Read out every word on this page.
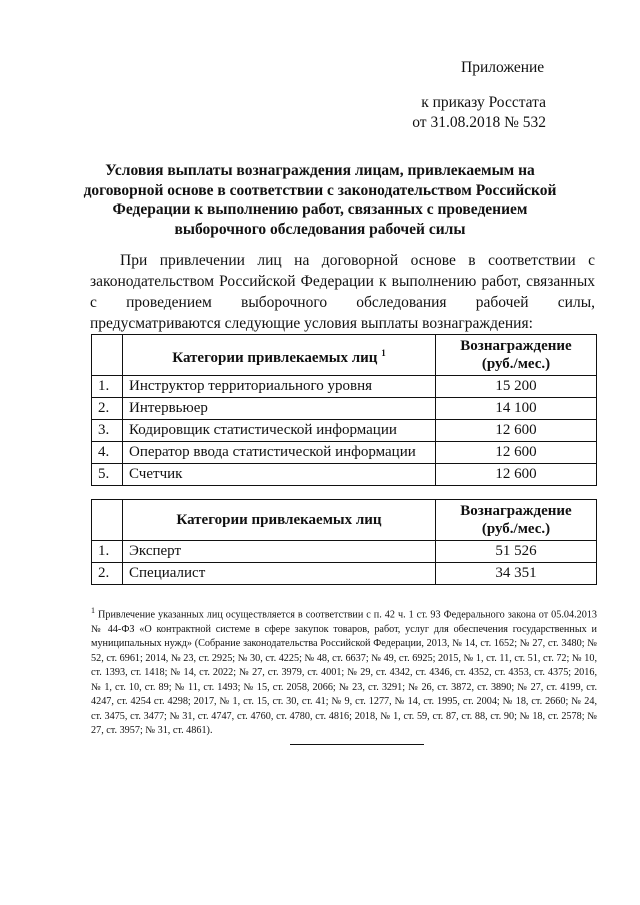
Приложение
к приказу Росстата
от 31.08.2018 № 532
Условия выплаты вознаграждения лицам, привлекаемым на договорной основе в соответствии с законодательством Российской Федерации к выполнению работ, связанных с проведением выборочного обследования рабочей силы
При привлечении лиц на договорной основе в соответствии с законодательством Российской Федерации к выполнению работ, связанных с проведением выборочного обследования рабочей силы, предусматриваются следующие условия выплаты вознаграждения:
	Категории привлекаемых лиц $^1$	Вознаграждение
(руб./мес.)

1.	Инструктор территориального уровня	15 200
2.	Интервьюер	14 100
3.	Кодировщик статистической информации	12 600
4.	Оператор ввода статистической информации	12 600
5.	Счетчик	12 600
	Категории привлекаемых лиц	Вознаграждение
(руб./мес.)

1.	Эксперт	51 526
2.	Специалист	34 351
$^1$ Привлечение указанных лиц осуществляется в соответствии с п. 42 ч. 1 ст. 93 Федерального закона от 05.04.2013 № 44-ФЗ «О контрактной системе в сфере закупок товаров, работ, услуг для обеспечения государственных и муниципальных нужд» (Собрание законодательства Российской Федерации, 2013, № 14, ст. 1652; № 27, ст. 3480; № 52, ст. 6961; 2014, № 23, ст. 2925; № 30, ст. 4225; № 48, ст. 6637; № 49, ст. 6925; 2015, № 1, ст. 11, ст. 51, ст. 72; № 10, ст. 1393, ст. 1418; № 14, ст. 2022; № 27, ст. 3979, ст. 4001; № 29, ст. 4342, ст. 4346, ст. 4352, ст. 4353, ст. 4375; 2016, № 1, ст. 10, ст. 89; № 11, ст. 1493; № 15, ст. 2058, 2066; № 23, ст. 3291; № 26, ст. 3872, ст. 3890; № 27, ст. 4199, ст. 4247, ст. 4254 ст. 4298; 2017, № 1, ст. 15, ст. 30, ст. 41; № 9, ст. 1277, № 14, ст. 1995, ст. 2004; № 18, ст. 2660; № 24, ст. 3475, ст. 3477; № 31, ст. 4747, ст. 4760, ст. 4780, ст. 4816; 2018, № 1, ст. 59, ст. 87, ст. 88, ст. 90; № 18, ст. 2578; № 27, ст. 3957; № 31, ст. 4861).
